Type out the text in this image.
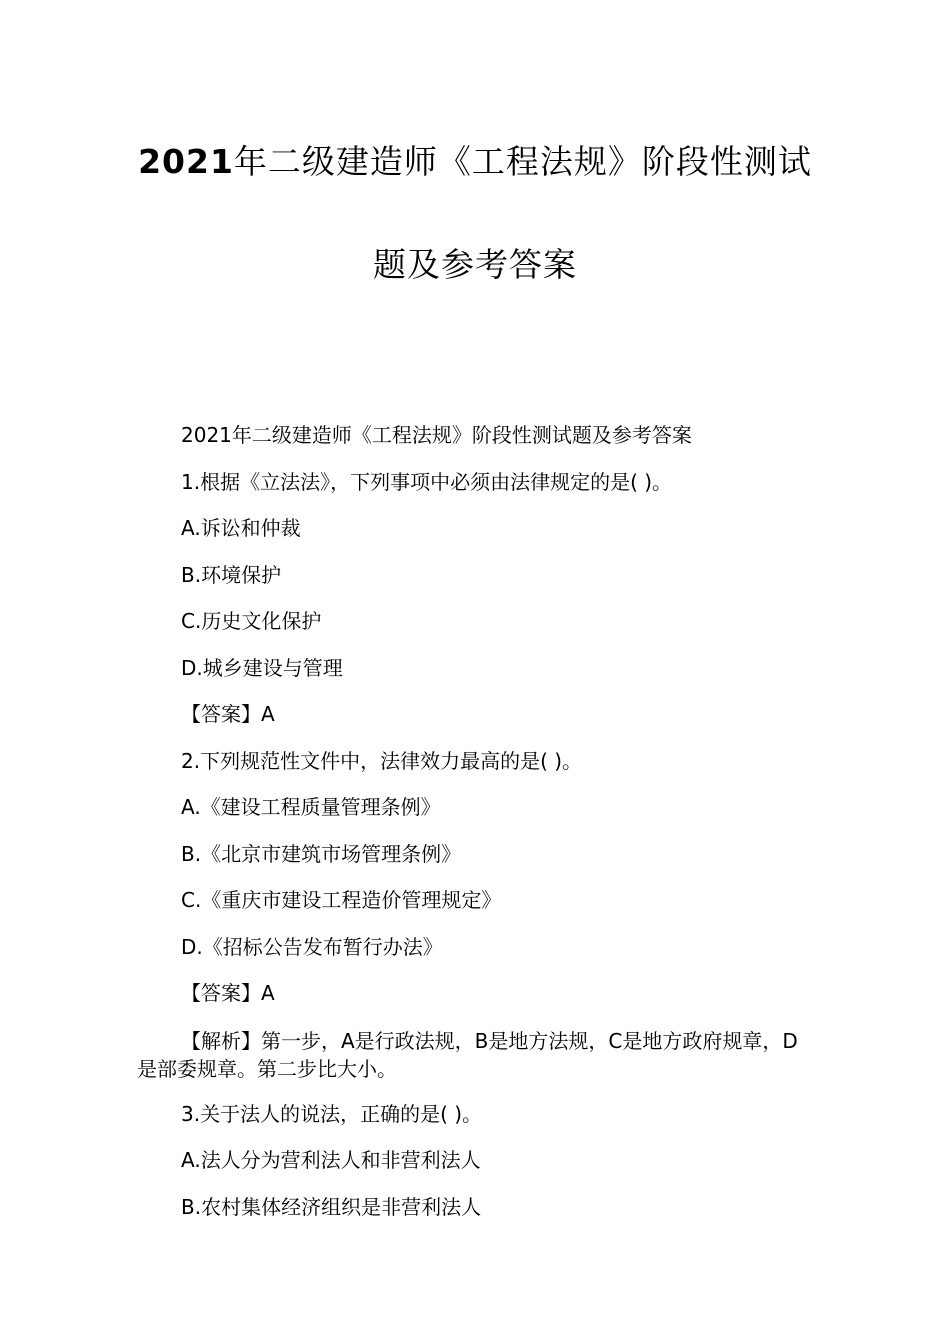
2021年二级建造师《工程法规》阶段性测试
题及参考答案
2021年二级建造师《工程法规》阶段性测试题及参考答案
1.根据《立法法》，下列事项中必须由法律规定的是( )。
A.诉讼和仲裁
B.环境保护
C.历史文化保护
D.城乡建设与管理
【答案】A
2.下列规范性文件中，法律效力最高的是( )。
A.《建设工程质量管理条例》
B.《北京市建筑市场管理条例》
C.《重庆市建设工程造价管理规定》
D.《招标公告发布暂行办法》
【答案】A
【解析】第一步，A是行政法规，B是地方法规，C是地方政府规章，D是部委规章。第二步比大小。
3.关于法人的说法，正确的是( )。
A.法人分为营利法人和非营利法人
B.农村集体经济组织是非营利法人
